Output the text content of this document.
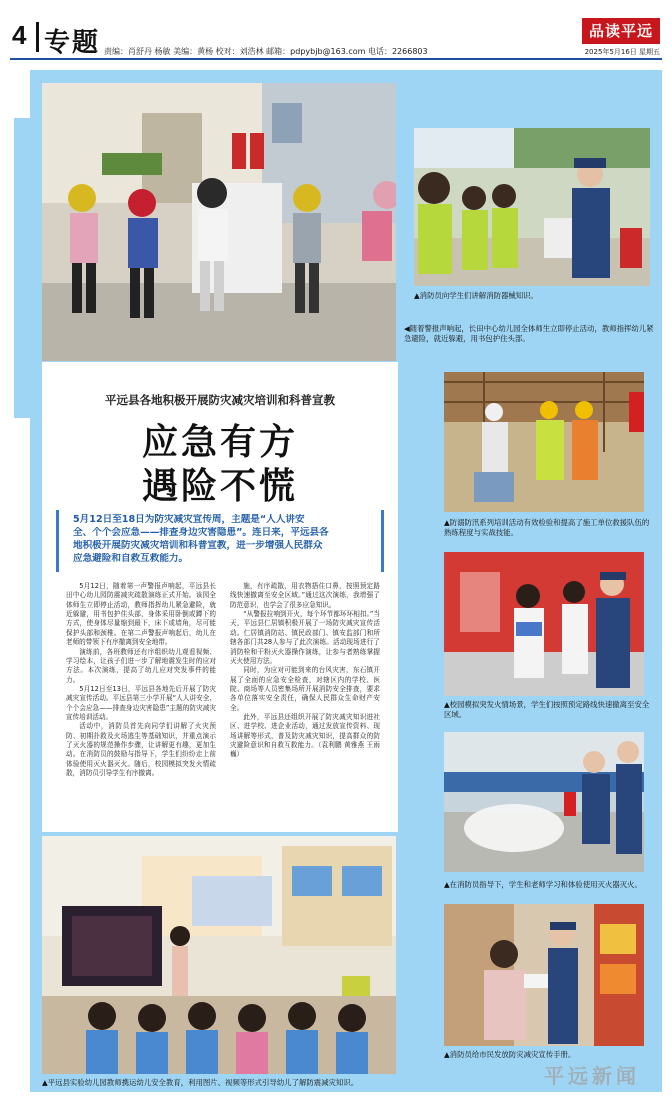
4 专题 责编：肖舒丹 杨敏 美编：黄杨 校对：刘浩林 邮箱：pdpybjb@163.com 电话：2266803
品读平远
2025年5月16日 星期五
▲消防员向学生们讲解消防器械知识。
◀随着警报声响起，长田中心幼儿园全体师生立即停止活动，教师指挥幼儿紧急避险，就近躲避，用书包护住头部。
▲防溺防汛系列培训活动有效检验和提高了施工单位救援队伍的熟练程度与实战技能。
▲校园模拟突发火情场景，学生们按照预定路线快速撤离至安全区域。
▲在消防员指导下，学生和老师学习和体验使用灭火器灭火。
▲消防员给市民发放防灾减灾宣传手册。
平远县各地积极开展防灾减灾培训和科普宣教
应急有方
遇险不慌
5月12日至18日为防灾减灾宣传周，主题是“人人讲安
全、个个会应急——排查身边灾害隐患”。连日来，平远县各
地积极开展防灾减灾培训和科普宣教，进一步增强人民群众
应急避险和自救互救能力。

5月12日，随着第一声警报声响起，平远县长田中心幼儿园防震减灾疏散演练正式开始。该园全体师生立即停止活动，教师指挥幼儿紧急避险，就近躲避，用书包护住头部，身体采用卧倒或蹲下的方式，使身体尽量缩到最下，床下或墙角，尽可能保护头部和颈椎。在第二声警报声响起后，幼儿在老师的带领下有序撤离到安全地带。

演练前，各班教师还有序组织幼儿观看视频、学习绘本，让孩子们进一步了解地震发生时的应对方法。本次演练，提高了幼儿应对突发事件的能力。

5月12日至13日，平远县各地先后开展了防灾减灾宣传活动。平远县第三小学开展“人人讲安全、个个会应急——排查身边灾害隐患”主题的防灾减灾宣传培训活动。

活动中，消防员首先向同学们讲解了火灾预防、初期扑救及火场逃生等基础知识，并重点演示了灭火器的规范操作步骤，让讲解更有趣，更加生动。在消防员的鼓励与指导下，学生们纷纷走上前体验使用灭火器灭火。随后，校园模拟突发火情疏散，消防员引导学生有序撤离。

施，有序疏散，用衣物捂住口鼻，按照预定路线快速撤离至安全区域。”通过这次演练，我增强了防范意识，也学会了很多应急知识。

“从警报拉响到开火，每个环节都环环相扣。”当天，平远县仁居镇积极开展了一场防灾减灾宣传活动。仁居镇消防站、镇民政部门、镇安监部门和所辖各部门共28人参与了此次演练。活动现场进行了消防栓和干粉灭火器操作演练，让参与者熟练掌握灭火使用方法。

同时，为应对可能到来的台风灾害，东石镇开展了全面的应急安全检查，对辖区内的学校、医院、商场等人员密集场所开展消防安全排查，要求各单位落实安全责任，确保人民群众生命财产安全。

此外，平远县还组织开展了防灾减灾知识进社区、进学校、进企业活动，通过发放宣传资料、现场讲解等形式，普及防灾减灾知识，提高群众的防灾避险意识和自救互救能力。（袁利鹏 黄雅燕 王雨巍）

▲平远县实验幼儿园教师携运幼儿安全教育，利用图片、视频等形式引导幼儿了解防震减灾知识。	平远新闻
